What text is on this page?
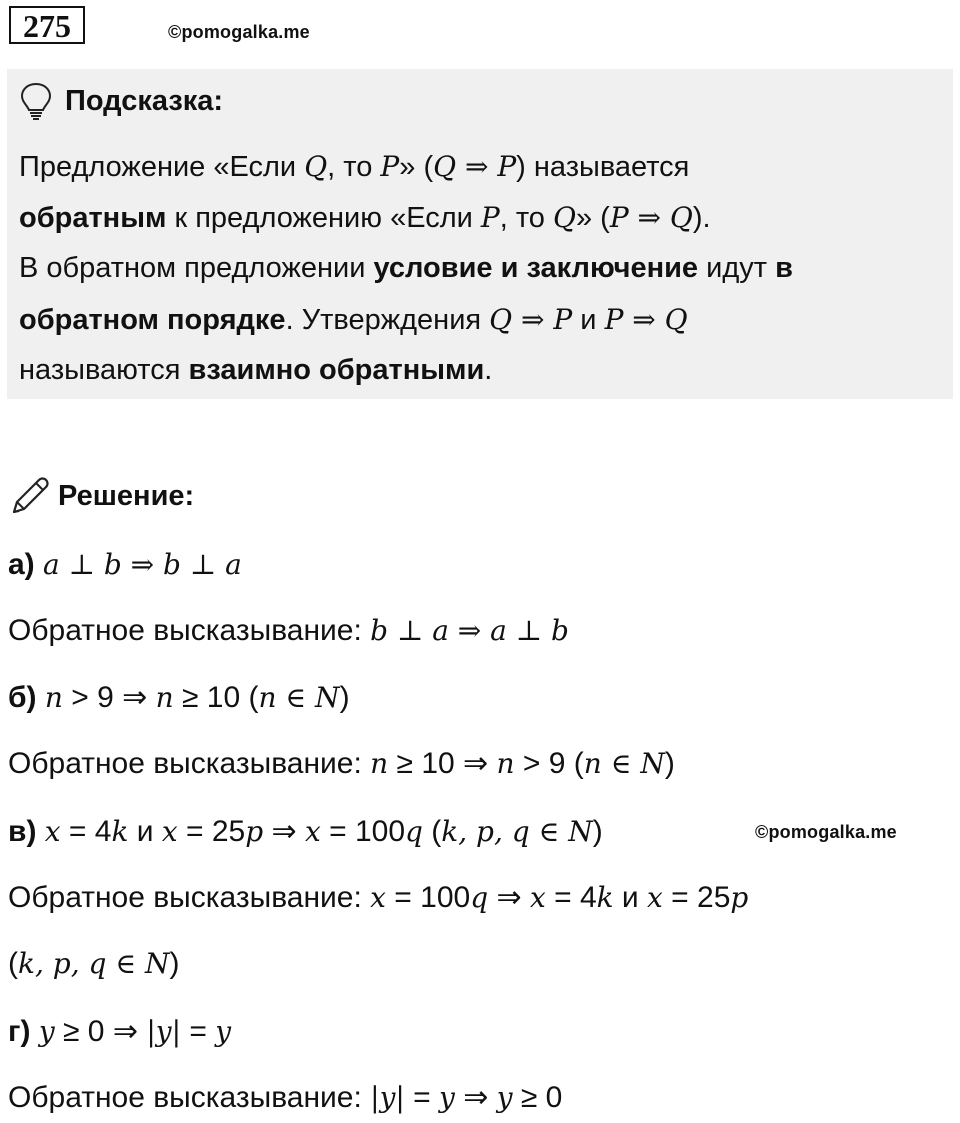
275	©pomogalka.me
Подсказка:
Предложение «Если Q, то P» (Q ⇒ P) называется
обратным к предложению «Если P, то Q» (P ⇒ Q).
В обратном предложении условие и заключение идут в
обратном порядке. Утверждения Q ⇒ P и P ⇒ Q
называются взаимно обратными.
Решение:
а) a ⊥ b ⇒ b ⊥ a
Обратное высказывание: b ⊥ a ⇒ a ⊥ b
б) n > 9 ⇒ n ≥ 10 (n ∈ N)
Обратное высказывание: n ≥ 10 ⇒ n > 9 (n ∈ N)
в) x = 4k и x = 25p ⇒ x = 100q (k, p, q ∈ N)	©pomogalka.me
Обратное высказывание: x = 100q ⇒ x = 4k и x = 25p
(k, p, q ∈ N)
г) y ≥ 0 ⇒ |y| = y
Обратное высказывание: |y| = y ⇒ y ≥ 0
